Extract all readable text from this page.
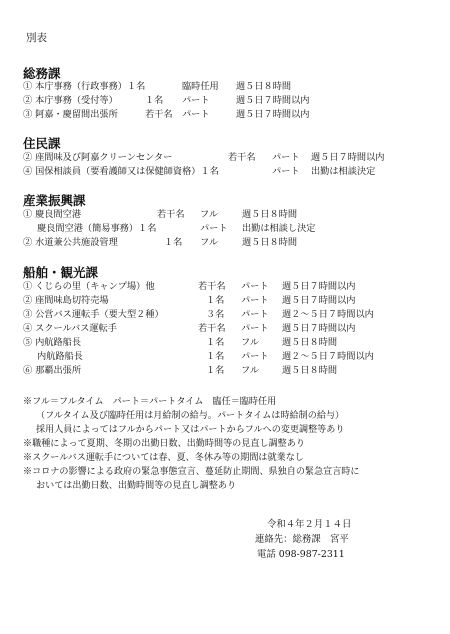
別表
総務課
① 本庁事務（行政事務）１名	臨時任用 週５日８時間
② 本庁事務（受付等）	１名 パート	週５日７時間以内
③ 阿嘉・慶留間出張所	若干名 パート	週５日７時間以内
住民課
② 座間味及び阿嘉クリーンセンター	若干名 パート 週５日７時間以内
④ 国保相談員（要看護師又は保健師資格）１名	パート 出勤は相談決定
産業振興課
① 慶良間空港	若干名 フル	週５日８時間
慶良間空港（簡易事務）１名	パート 出勤は相談し決定
② 水道兼公共施設管理	１名 フル	週５日８時間
船舶・観光課
① くじらの里（キャンプ場）他	若干名 パート 週５日７時間以内
② 座間味島切符売場	１名 パート 週５日７時間以内
③ 公営バス運転手（要大型２種）	３名 パート 週２～５日７時間以内
④ スクールバス運転手	若干名 パート 週５日７時間以内
⑤ 内航路船長	１名 フル 週５日８時間
内航路船長	１名 パート 週２～５日７時間以内
⑥ 那覇出張所	１名 フル 週５日８時間
※フル＝フルタイム　パート＝パートタイム　臨任＝臨時任用
（フルタイム及び臨時任用は月給制の給与。パートタイムは時給制の給与）
採用人員によってはフルからパート又はパートからフルへの変更調整等あり
※職種によって夏期、冬期の出勤日数、出勤時間等の見直し調整あり
※スクールバス運転手については春、夏、冬休み等の期間は就業なし
※コロナの影響による政府の緊急事態宣言、蔓延防止期間、県独自の緊急宣言時に
おいては出勤日数、出勤時間等の見直し調整あり
令和４年２月１４日
連絡先：総務課　宮平
電話 098-987-2311
